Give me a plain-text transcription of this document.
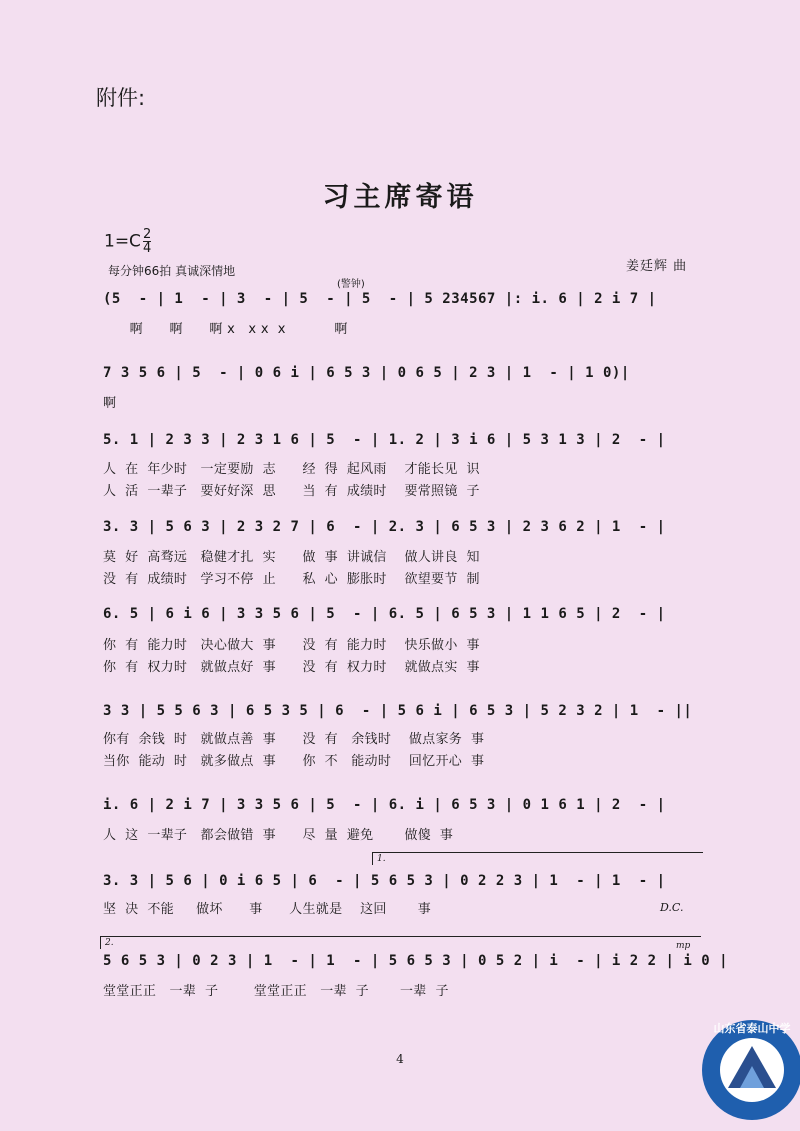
附件:
习主席寄语
$1=C \frac{2}{4}$
每分钟66拍 真诚深情地	姜廷辉 曲
(警钟)
(5  - | 1  - | 3  - | 5  - | 5  - | 5 234567 |: i. 6 | 2 i 7 |
啊      啊      啊 x   x x  x           啊
7 3 5 6 | 5  - | 0 6 i | 6 5 3 | 0 6 5 | 2 3 | 1  - | 1 0)|
啊
5. 1 | 2 3 3 | 2 3 1 6 | 5  - | 1. 2 | 3 i 6 | 5 3 1 3 | 2  - |
人  在  年少时   一定要励  志      经  得  起风雨    才能长见  识
人  活  一辈子   要好好深  思      当  有  成绩时    要常照镜  子
3. 3 | 5 6 3 | 2 3 2 7 | 6  - | 2. 3 | 6 5 3 | 2 3 6 2 | 1  - |
莫  好  高骛远   稳健才扎  实      做  事  讲诚信    做人讲良  知
没  有  成绩时   学习不停  止      私  心  膨胀时    欲望要节  制
6. 5 | 6 i 6 | 3 3 5 6 | 5  - | 6. 5 | 6 5 3 | 1 1 6 5 | 2  - |
你  有  能力时   决心做大  事      没  有  能力时    快乐做小  事
你  有  权力时   就做点好  事      没  有  权力时    就做点实  事
3 3 | 5 5 6 3 | 6 5 3 5 | 6  - | 5 6 i | 6 5 3 | 5 2 3 2 | 1  - ||
你有  余钱  时   就做点善  事      没  有   余钱时    做点家务  事
当你  能动  时   就多做点  事      你  不   能动时    回忆开心  事
i. 6 | 2 i 7 | 3 3 5 6 | 5  - | 6. i | 6 5 3 | 0 1 6 1 | 2  - |
人  这  一辈子   都会做错  事      尽  量  避免       做傻  事
1.
3. 3 | 5 6 | 0 i 6 5 | 6  - | 5 6 5 3 | 0 2 2 3 | 1  - | 1  - |
坚  决  不能     做坏      事      人生就是    这回       事	D.C.
2.	mp
5 6 5 3 | 0 2 3 | 1  - | 1  - | 5 6 5 3 | 0 5 2 | i  - | i 2 2 | i 0 |
堂堂正正   一辈  子        堂堂正正   一辈  子       一辈  子
4
山东省泰山中学
